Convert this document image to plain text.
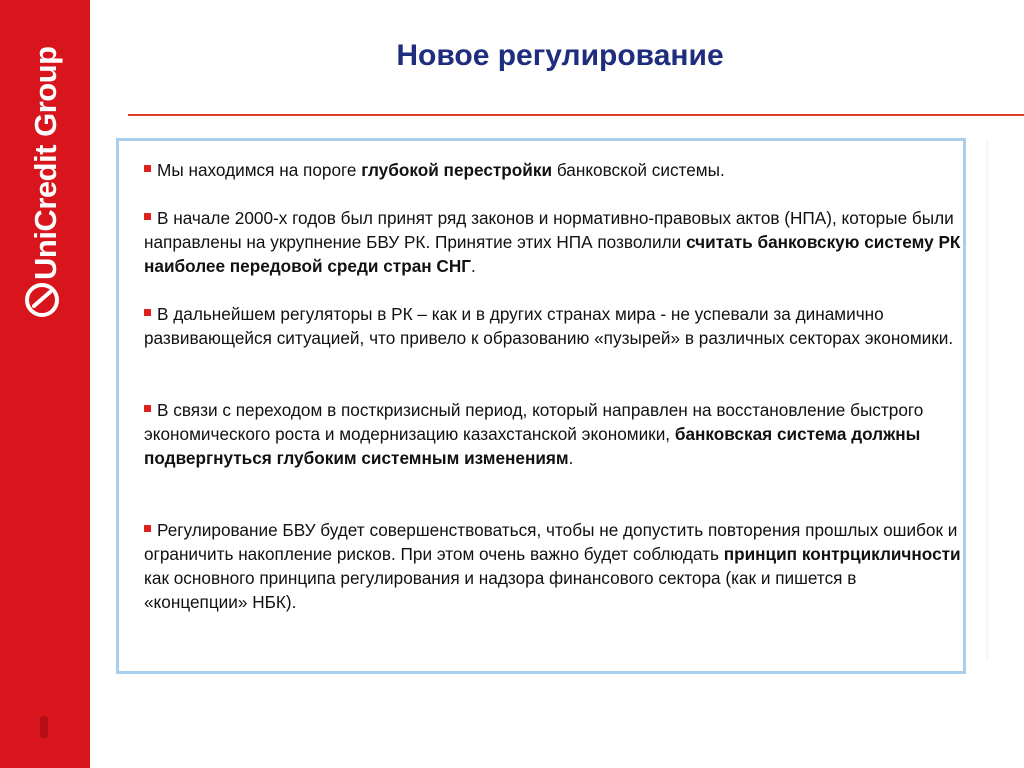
UniCredit Group	Новое регулирование
Мы находимся на пороге глубокой перестройки банковской системы.
В начале 2000-х годов был принят ряд законов и нормативно-правовых актов (НПА), которые были направлены на укрупнение БВУ РК. Принятие этих НПА позволили считать банковскую систему РК наиболее передовой среди стран СНГ.
В дальнейшем регуляторы в РК – как и в других странах мира - не успевали за динамично развивающейся ситуацией, что привело к образованию «пузырей» в различных секторах экономики.
В связи с переходом в посткризисный период, который направлен на восстановление быстрого экономического роста и модернизацию казахстанской экономики, банковская система должны подвергнуться глубоким системным изменениям.
Регулирование БВУ будет совершенствоваться, чтобы не допустить повторения прошлых ошибок и ограничить накопление рисков. При этом очень важно будет соблюдать принцип контрцикличности как основного принципа регулирования и надзора финансового сектора (как и пишется в «концепции» НБК).
